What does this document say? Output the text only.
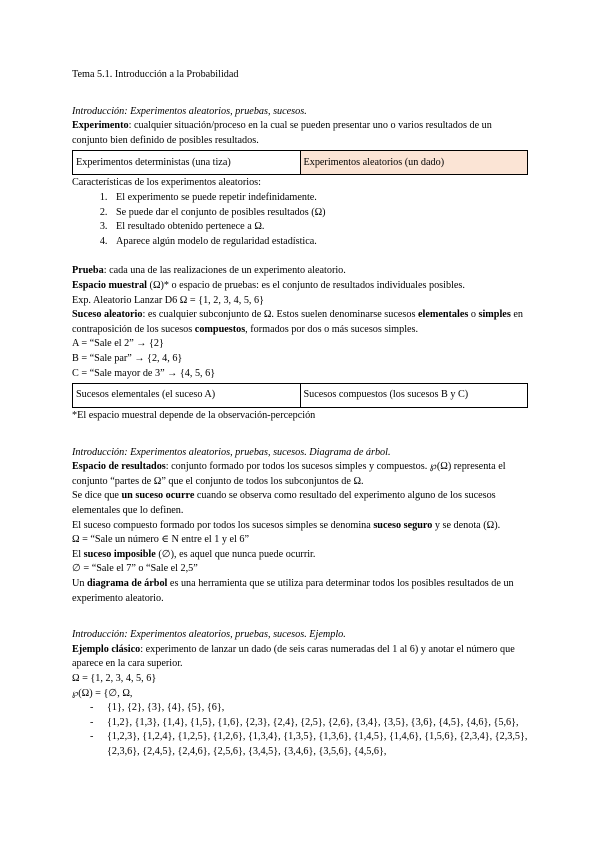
Tema 5.1. Introducción a la Probabilidad

Introducción: Experimentos aleatorios, pruebas, sucesos.

Experimento: cualquier situación/proceso en la cual se pueden presentar uno o varios resultados de un conjunto bien definido de posibles resultados.

Experimentos deterministas (una tiza)	Experimentos aleatorios (un dado)

Características de los experimentos aleatorios:

1. El experimento se puede repetir indefinidamente.
2. Se puede dar el conjunto de posibles resultados (Ω)
3. El resultado obtenido pertenece a Ω.
4. Aparece algún modelo de regularidad estadística.

Prueba: cada una de las realizaciones de un experimento aleatorio.

Espacio muestral (Ω)* o espacio de pruebas: es el conjunto de resultados individuales posibles.

Exp. Aleatorio Lanzar D6 Ω = {1, 2, 3, 4, 5, 6}

Suceso aleatorio: es cualquier subconjunto de Ω. Estos suelen denominarse sucesos elementales o simples en contraposición de los sucesos compuestos, formados por dos o más sucesos simples.

A = “Sale el 2” → {2}

B = “Sale par” → {2, 4, 6}

C = “Sale mayor de 3” → {4, 5, 6}

Sucesos elementales (el suceso A)	Sucesos compuestos (los sucesos B y C)

*El espacio muestral depende de la observación-percepción

Introducción: Experimentos aleatorios, pruebas, sucesos. Diagrama de árbol.

Espacio de resultados: conjunto formado por todos los sucesos simples y compuestos. ℘(Ω) representa el conjunto “partes de Ω” que el conjunto de todos los subconjuntos de Ω.

Se dice que un suceso ocurre cuando se observa como resultado del experimento alguno de los sucesos elementales que lo definen.

El suceso compuesto formado por todos los sucesos simples se denomina suceso seguro y se denota (Ω).

Ω = “Sale un número ∈ N entre el 1 y el 6”

El suceso imposible (∅), es aquel que nunca puede ocurrir.

∅ = “Sale el 7” o “Sale el 2,5”

Un diagrama de árbol es una herramienta que se utiliza para determinar todos los posibles resultados de un experimento aleatorio.

Introducción: Experimentos aleatorios, pruebas, sucesos. Ejemplo.

Ejemplo clásico: experimento de lanzar un dado (de seis caras numeradas del 1 al 6) y anotar el número que aparece en la cara superior.

Ω = {1, 2, 3, 4, 5, 6}

℘(Ω) = {∅, Ω,

- {1}, {2}, {3}, {4}, {5}, {6},
- {1,2}, {1,3}, {1,4}, {1,5}, {1,6}, {2,3}, {2,4}, {2,5}, {2,6}, {3,4}, {3,5}, {3,6}, {4,5}, {4,6}, {5,6},
- {1,2,3}, {1,2,4}, {1,2,5}, {1,2,6}, {1,3,4}, {1,3,5}, {1,3,6}, {1,4,5}, {1,4,6}, {1,5,6}, {2,3,4}, {2,3,5}, {2,3,6}, {2,4,5}, {2,4,6}, {2,5,6}, {3,4,5}, {3,4,6}, {3,5,6}, {4,5,6},
